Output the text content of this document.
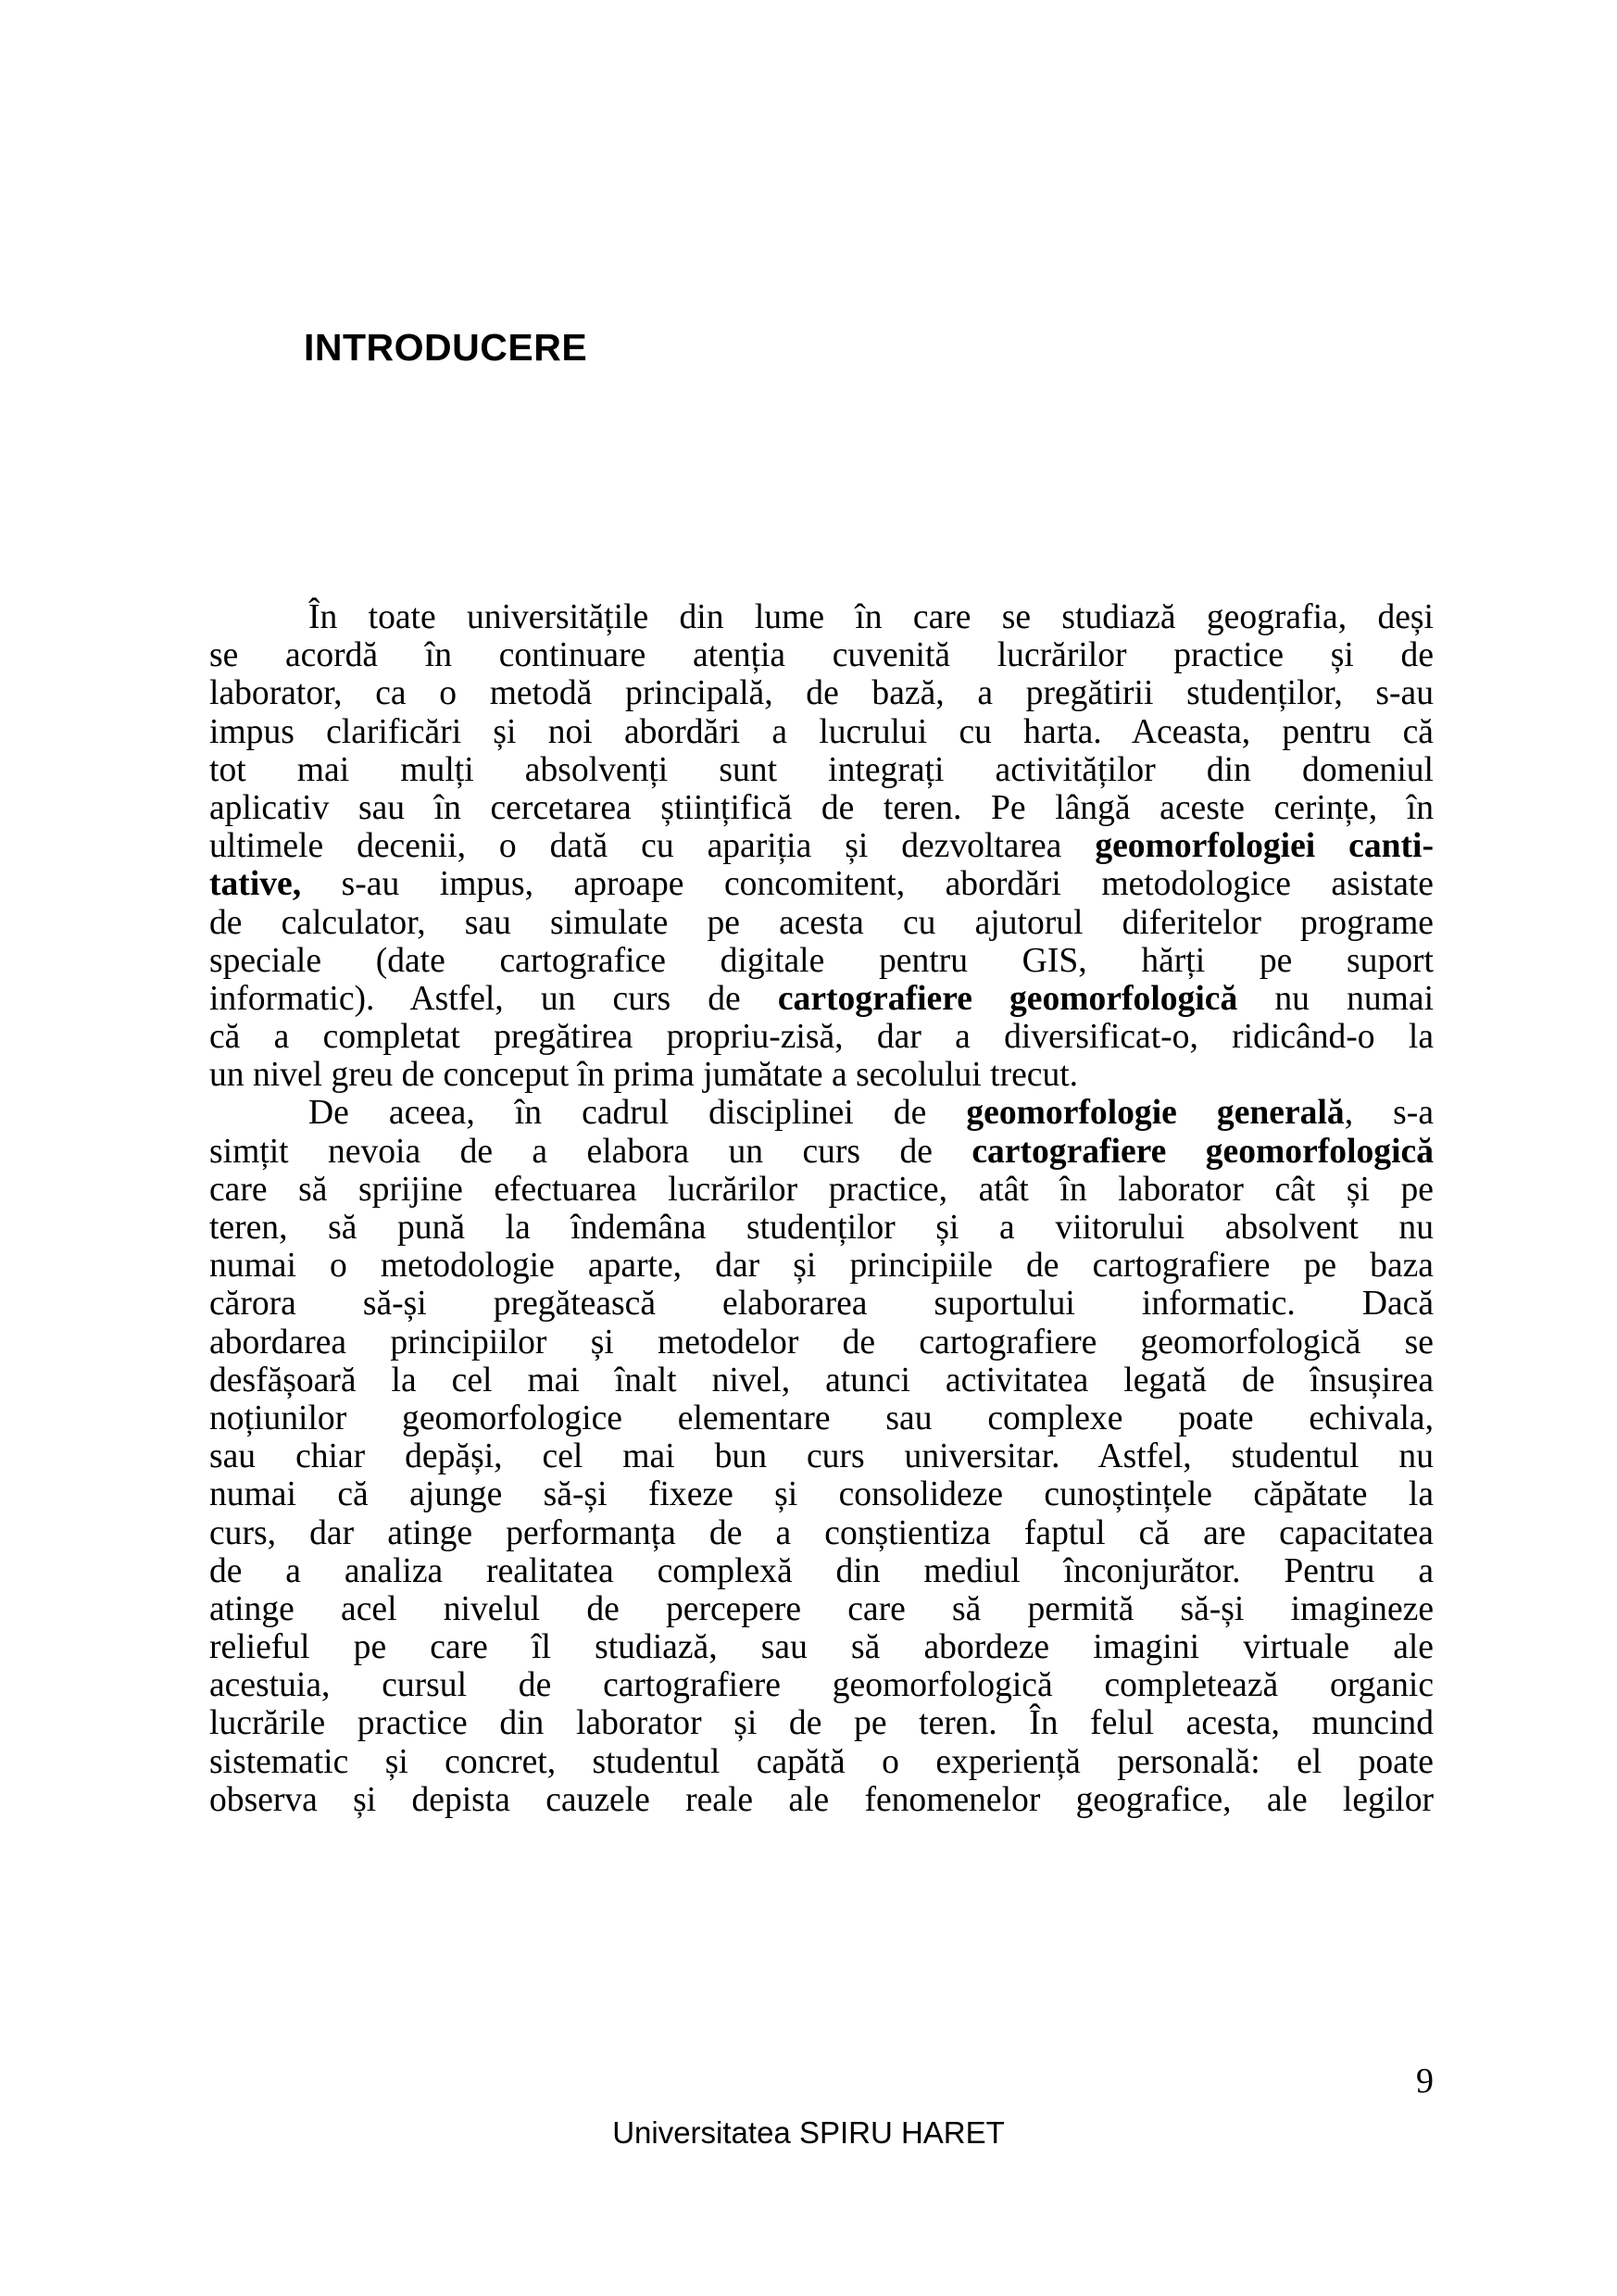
INTRODUCERE
În toate universitățile din lume în care se studiază geografia, deși
se acordă în continuare atenția cuvenită lucrărilor practice și de
laborator, ca o metodă principală, de bază, a pregătirii studenților, s-au
impus clarificări și noi abordări a lucrului cu harta. Aceasta, pentru că
tot mai mulți absolvenți sunt integrați activităților din domeniul
aplicativ sau în cercetarea științifică de teren. Pe lângă aceste cerințe, în
ultimele decenii, o dată cu apariția și dezvoltarea geomorfologiei canti-
tative, s-au impus, aproape concomitent, abordări metodologice asistate
de calculator, sau simulate pe acesta cu ajutorul diferitelor programe
speciale (date cartografice digitale pentru GIS, hărți pe suport
informatic). Astfel, un curs de cartografiere geomorfologică nu numai
că a completat pregătirea propriu-zisă, dar a diversificat-o, ridicând-o la
un nivel greu de conceput în prima jumătate a secolului trecut.
De aceea, în cadrul disciplinei de geomorfologie generală, s-a
simțit nevoia de a elabora un curs de cartografiere geomorfologică
care să sprijine efectuarea lucrărilor practice, atât în laborator cât și pe
teren, să pună la îndemâna studenților și a viitorului absolvent nu
numai o metodologie aparte, dar și principiile de cartografiere pe baza
cărora să-și pregătească elaborarea suportului informatic. Dacă
abordarea principiilor și metodelor de cartografiere geomorfologică se
desfășoară la cel mai înalt nivel, atunci activitatea legată de însușirea
noțiunilor geomorfologice elementare sau complexe poate echivala,
sau chiar depăși, cel mai bun curs universitar. Astfel, studentul nu
numai că ajunge să-și fixeze și consolideze cunoștințele căpătate la
curs, dar atinge performanța de a conștientiza faptul că are capacitatea
de a analiza realitatea complexă din mediul înconjurător. Pentru a
atinge acel nivelul de percepere care să permită să-și imagineze
relieful pe care îl studiază, sau să abordeze imagini virtuale ale
acestuia, cursul de cartografiere geomorfologică completează organic
lucrările practice din laborator și de pe teren. În felul acesta, muncind
sistematic și concret, studentul capătă o experiență personală: el poate
observa și depista cauzele reale ale fenomenelor geografice, ale legilor
9
Universitatea SPIRU HARET
